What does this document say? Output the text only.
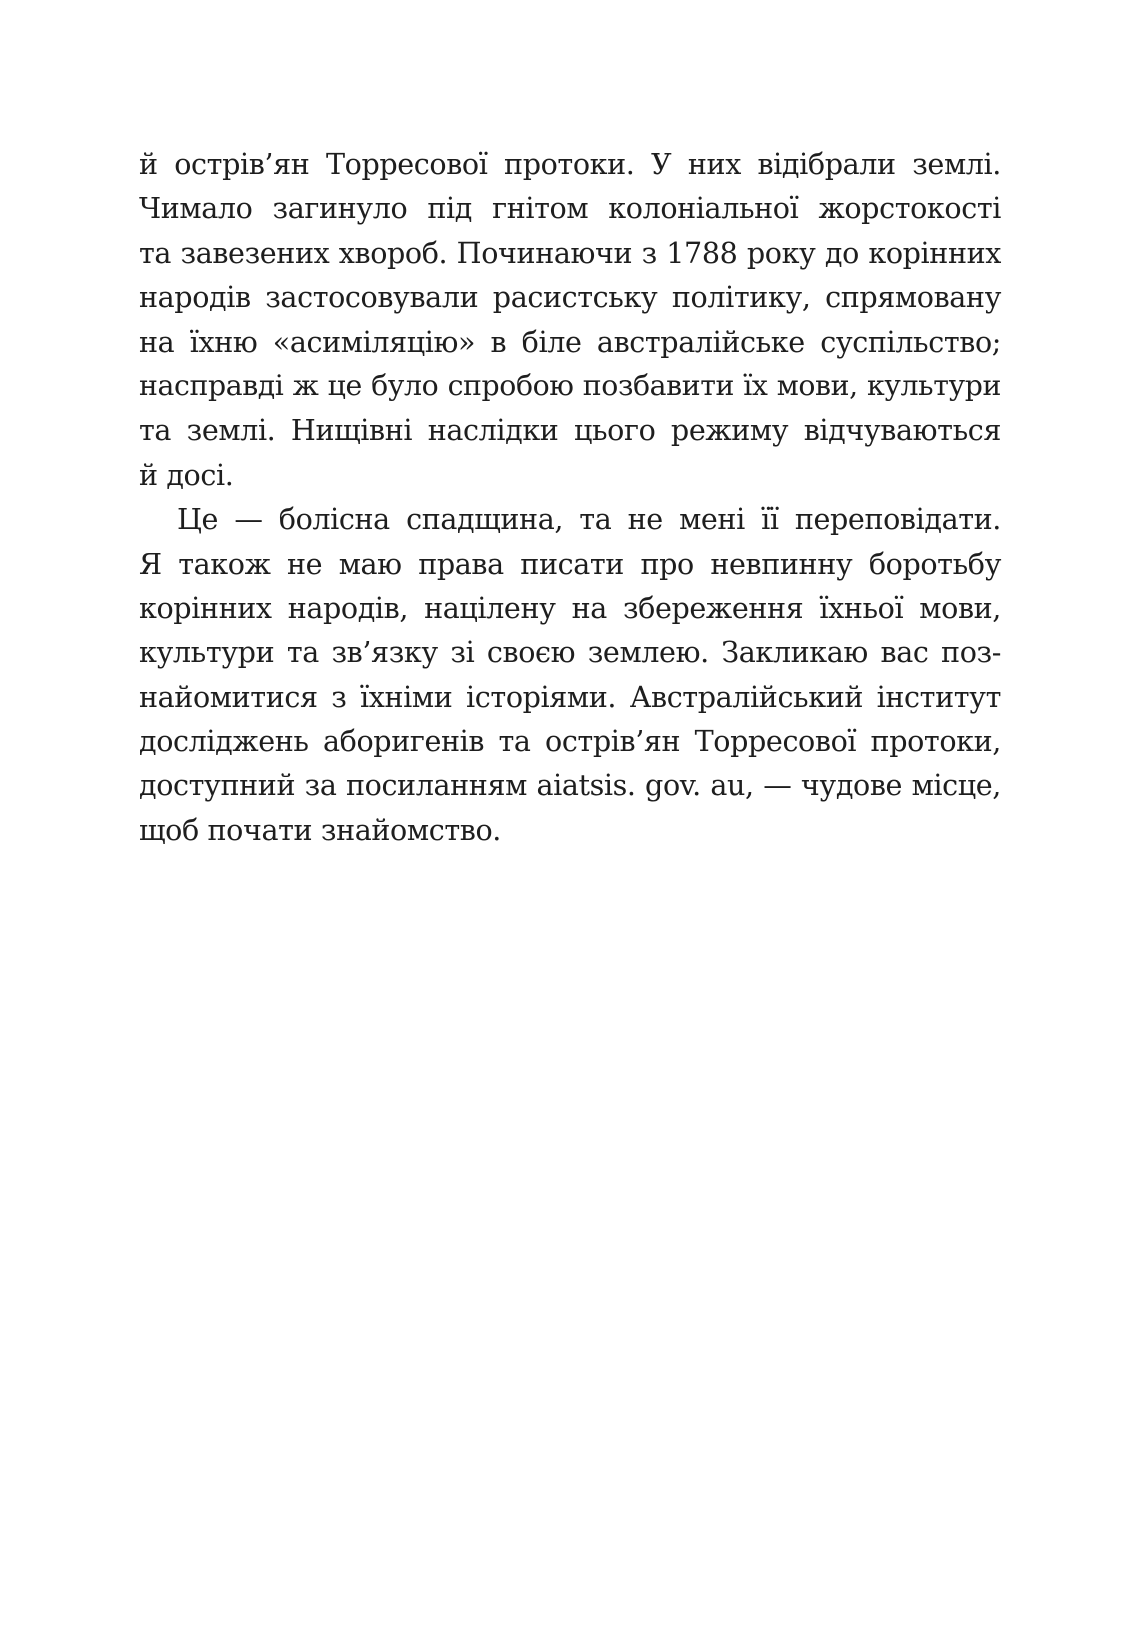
й острів’ян Торресової протоки. У них відібрали землі.
Чимало загинуло під гнітом колоніальної жорстокості
та завезених хвороб. Починаючи з 1788 року до корінних
народів застосовували расистську політику, спрямовану
на їхню «асиміляцію» в біле австралійське суспільство;
насправді ж це було спробою позбавити їх мови, культури
та землі. Нищівні наслідки цього режиму відчуваються
й досі.
Це — болісна спадщина, та не мені її переповідати.
Я також не маю права писати про невпинну боротьбу
корінних народів, націлену на збереження їхньої мови,
культури та зв’язку зі своєю землею. Закликаю вас поз-
найомитися з їхніми історіями. Австралійський інститут
досліджень аборигенів та острів’ян Торресової протоки,
доступний за посиланням aiatsis. gov. au, — чудове місце,
щоб почати знайомство.
